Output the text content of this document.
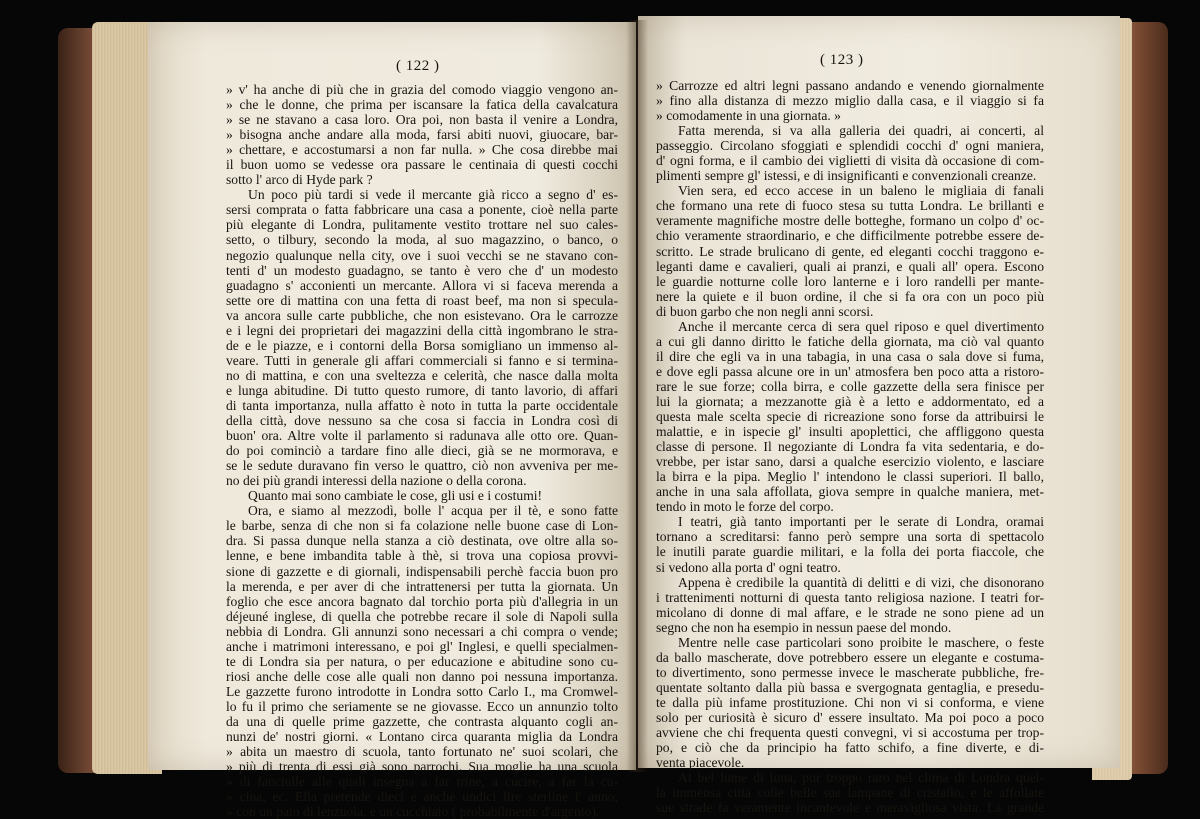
( 122 )
» v' ha anche di più che in grazia del comodo viaggio vengono an-
» che le donne, che prima per iscansare la fatica della cavalcatura
» se ne stavano a casa loro. Ora poi, non basta il venire a Londra,
» bisogna anche andare alla moda, farsi abiti nuovi, giuocare, bar-
» chettare, e accostumarsi a non far nulla. » Che cosa direbbe mai
il buon uomo se vedesse ora passare le centinaia di questi cocchi
sotto l' arco di Hyde park ?
Un poco più tardi si vede il mercante già ricco a segno d' es-
sersi comprata o fatta fabbricare una casa a ponente, cioè nella parte
più elegante di Londra, pulitamente vestito trottare nel suo cales-
setto, o tilbury, secondo la moda, al suo magazzino, o banco, o
negozio qualunque nella city, ove i suoi vecchi se ne stavano con-
tenti d' un modesto guadagno, se tanto è vero che d' un modesto
guadagno s' acconienti un mercante. Allora vi si faceva merenda a
sette ore di mattina con una fetta di roast beef, ma non si specula-
va ancora sulle carte pubbliche, che non esistevano. Ora le carrozze
e i legni dei proprietari dei magazzini della città ingombrano le stra-
de e le piazze, e i contorni della Borsa somigliano un immenso al-
veare. Tutti in generale gli affari commerciali si fanno e si termina-
no di mattina, e con una sveltezza e celerità, che nasce dalla molta
e lunga abitudine. Di tutto questo rumore, di tanto lavorio, di affari
di tanta importanza, nulla affatto è noto in tutta la parte occidentale
della città, dove nessuno sa che cosa si faccia in Londra così di
buon' ora. Altre volte il parlamento si radunava alle otto ore. Quan-
do poi cominciò a tardare fino alle dieci, già se ne mormorava, e
se le sedute duravano fin verso le quattro, ciò non avveniva per me-
no dei più grandi interessi della nazione o della corona.
Quanto mai sono cambiate le cose, gli usi e i costumi!
Ora, e siamo al mezzodì, bolle l' acqua per il tè, e sono fatte
le barbe, senza di che non si fa colazione nelle buone case di Lon-
dra. Si passa dunque nella stanza a ciò destinata, ove oltre alla so-
lenne, e bene imbandita table à thè, si trova una copiosa provvi-
sione di gazzette e di giornali, indispensabili perchè faccia buon pro
la merenda, e per aver di che intrattenersi per tutta la giornata. Un
foglio che esce ancora bagnato dal torchio porta più d'allegria in un
déjeuné inglese, di quella che potrebbe recare il sole di Napoli sulla
nebbia di Londra. Gli annunzi sono necessari a chi compra o vende;
anche i matrimoni interessano, e poi gl' Inglesi, e quelli specialmen-
te di Londra sia per natura, o per educazione e abitudine sono cu-
riosi anche delle cose alle quali non danno poi nessuna importanza.
Le gazzette furono introdotte in Londra sotto Carlo I., ma Cromwel-
lo fu il primo che seriamente se ne giovasse. Ecco un annunzio tolto
da una di quelle prime gazzette, che contrasta alquanto cogli an-
nunzi de' nostri giorni. « Lontano circa quaranta miglia da Londra
» abita un maestro di scuola, tanto fortunato ne' suoi scolari, che
» più di trenta di essi già sono parrochi. Sua moglie ha una scuola
» di fanciulle alle quali insegna a far trine, a cucire, a far la cu-
» cina, ec. Ella pretende dieci e anche undici lire sterline l' anno,
» con un paio di lenzuola, e un cucchiaio ( probabilmente d'argento).
( 123 )
» Carrozze ed altri legni passano andando e venendo giornalmente
» fino alla distanza di mezzo miglio dalla casa, e il viaggio si fa
» comodamente in una giornata. »
Fatta merenda, si va alla galleria dei quadri, ai concerti, al
passeggio. Circolano sfoggiati e splendidi cocchi d' ogni maniera,
d' ogni forma, e il cambio dei viglietti di visita dà occasione di com-
plimenti sempre gl' istessi, e di insignificanti e convenzionali creanze.
Vien sera, ed ecco accese in un baleno le migliaia di fanali
che formano una rete di fuoco stesa su tutta Londra. Le brillanti e
veramente magnifiche mostre delle botteghe, formano un colpo d' oc-
chio veramente straordinario, e che difficilmente potrebbe essere de-
scritto. Le strade brulicano di gente, ed eleganti cocchi traggono e-
leganti dame e cavalieri, quali ai pranzi, e quali all' opera. Escono
le guardie notturne colle loro lanterne e i loro randelli per mante-
nere la quiete e il buon ordine, il che si fa ora con un poco più
di buon garbo che non negli anni scorsi.
Anche il mercante cerca di sera quel riposo e quel divertimento
a cui gli danno diritto le fatiche della giornata, ma ciò val quanto
il dire che egli va in una tabagia, in una casa o sala dove si fuma,
e dove egli passa alcune ore in un' atmosfera ben poco atta a ristoro-
rare le sue forze; colla birra, e colle gazzette della sera finisce per
lui la giornata; a mezzanotte già è a letto e addormentato, ed a
questa male scelta specie di ricreazione sono forse da attribuirsi le
malattie, e in ispecie gl' insulti apoplettici, che affliggono questa
classe di persone. Il negoziante di Londra fa vita sedentaria, e do-
vrebbe, per istar sano, darsi a qualche esercizio violento, e lasciare
la birra e la pipa. Meglio l' intendono le classi superiori. Il ballo,
anche in una sala affollata, giova sempre in qualche maniera, met-
tendo in moto le forze del corpo.
I teatri, già tanto importanti per le serate di Londra, oramai
tornano a screditarsi: fanno però sempre una sorta di spettacolo
le inutili parate guardie militari, e la folla dei porta fiaccole, che
si vedono alla porta d' ogni teatro.
Appena è credibile la quantità di delitti e di vizi, che disonorano
i trattenimenti notturni di questa tanto religiosa nazione. I teatri for-
micolano di donne di mal affare, e le strade ne sono piene ad un
segno che non ha esempio in nessun paese del mondo.
Mentre nelle case particolari sono proibite le maschere, o feste
da ballo mascherate, dove potrebbero essere un elegante e costuma-
to divertimento, sono permesse invece le mascherate pubbliche, fre-
quentate soltanto dalla più bassa e svergognata gentaglia, e presedu-
te dalla più infame prostituzione. Chi non vi si conforma, e viene
solo per curiosità è sicuro d' essere insultato. Ma poi poco a poco
avviene che chi frequenta questi convegni, vi si accostuma per trop-
po, e ciò che da principio ha fatto schifo, a fine diverte, e di-
venta piacevole.
Al bel lume di luna, pur troppo raro nel clima di Londra quel-
la immensa città colle belle sue lampane di cristallo, e le affollate
sue strade fa veramente incantevole e meravigliosa vista. La grande
